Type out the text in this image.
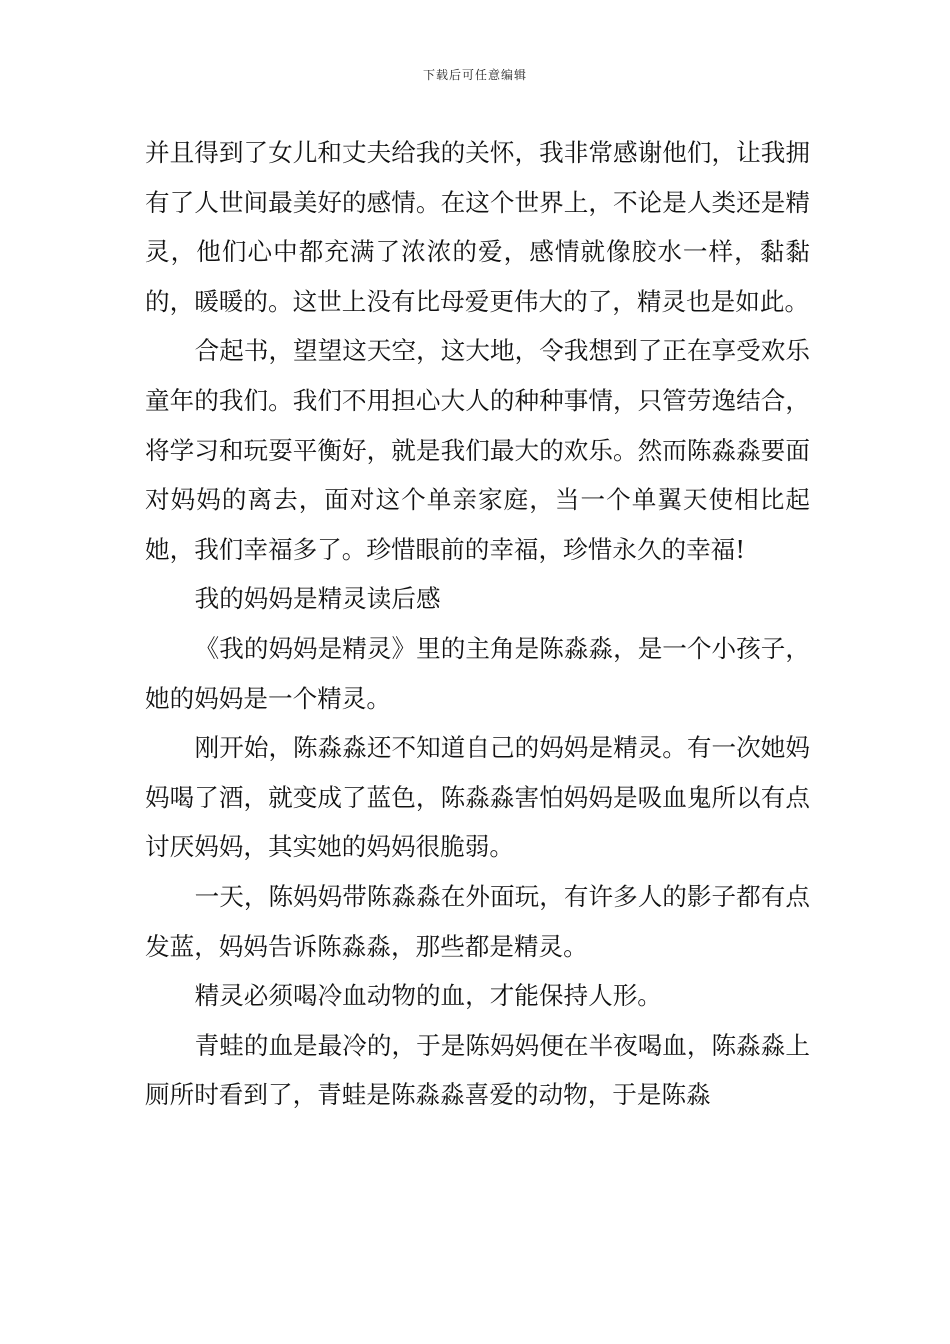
下载后可任意编辑

并且得到了女儿和丈夫给我的关怀，我非常感谢他们，让我拥有了人世间最美好的感情。在这个世界上，不论是人类还是精灵，他们心中都充满了浓浓的爱，感情就像胶水一样，黏黏的，暖暖的。这世上没有比母爱更伟大的了，精灵也是如此。

合起书，望望这天空，这大地，令我想到了正在享受欢乐童年的我们。我们不用担心大人的种种事情，只管劳逸结合，将学习和玩耍平衡好，就是我们最大的欢乐。然而陈淼淼要面对妈妈的离去，面对这个单亲家庭，当一个单翼天使相比起她，我们幸福多了。珍惜眼前的幸福，珍惜永久的幸福!

我的妈妈是精灵读后感

《我的妈妈是精灵》里的主角是陈淼淼，是一个小孩子，她的妈妈是一个精灵。

刚开始，陈淼淼还不知道自己的妈妈是精灵。有一次她妈妈喝了酒，就变成了蓝色，陈淼淼害怕妈妈是吸血鬼所以有点讨厌妈妈，其实她的妈妈很脆弱。

一天，陈妈妈带陈淼淼在外面玩，有许多人的影子都有点发蓝，妈妈告诉陈淼淼，那些都是精灵。

精灵必须喝冷血动物的血，才能保持人形。

青蛙的血是最冷的，于是陈妈妈便在半夜喝血，陈淼淼上厕所时看到了，青蛙是陈淼淼喜爱的动物，于是陈淼
